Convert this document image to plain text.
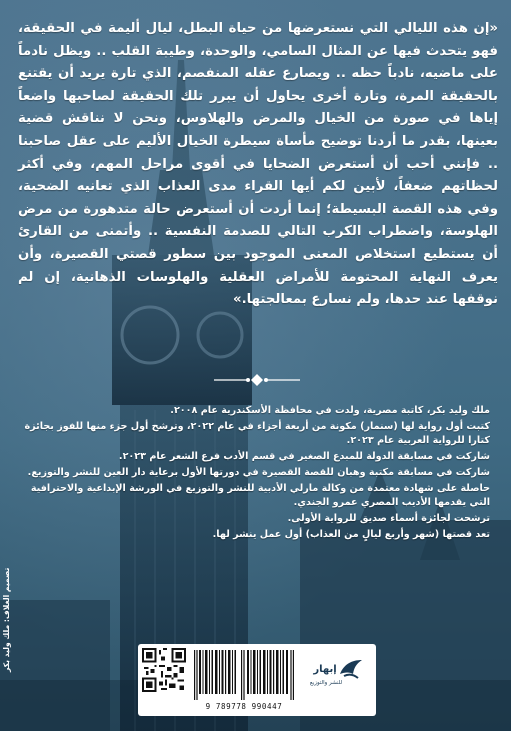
«إن هذه الليالي التي نستعرضها من حياة البطل، ليال أليمة في الحقيقة، فهو يتحدث فيها عن المثال السامي، والوحدة، وطيبة القلب .. ويظل نادماً على ماضيه، نادباً حظه .. ويصارع عقله المنفصم، الذي تارة يريد أن يقتنع بالحقيقة المرة، وتارة أخرى يحاول أن يبرر تلك الحقيقة لصاحبها واضعاً إياها في صورة من الخيال والمرض والهلاوس، ونحن لا نناقش قضية بعينها، بقدر ما أردنا توضيح مأساة سيطرة الخيال الأليم على عقل صاحبنا .. فإنني أحب أن أستعرض الضحايا في أقوى مراحل المهم، وفي أكثر لحظاتهم ضعفاً، لأبين لكم أيها القراء مدى العذاب الذي تعانيه الضحية، وفي هذه القصة البسيطة؛ إنما أردت أن أستعرض حالة متدهورة من مرض الهلوسة، واضطراب الكرب التالي للصدمة النفسية .. وأتمنى من القارئ أن يستطيع استخلاص المعنى الموجود بين سطور قصتي القصيرة، وأن يعرف النهاية المحتومة للأمراض العقلية والهلوسات الذهانية، إن لم نوقفها عند حدها، ولم نسارع بمعالجتها.»

ملك وليد بكر، كاتبة مصرية، ولدت في محافظة الأسكندرية عام ٢٠٠٨.
كتبت أول رواية لها (سنمار) مكونة من أربعة أجزاء في عام ٢٠٢٢، وترشح أول جزء منها للفوز بجائزة كتارا للرواية العربية عام ٢٠٢٣.
شاركت في مسابقة الدولة للمبدع الصغير في قسم الأدب فرع الشعر عام ٢٠٢٣.
شاركت في مسابقة مكتبة وهبان للقصة القصيرة في دورتها الأول برعاية دار العين للنشر والتوزيع.
حاصلة على شهادة معتمدة من وكالة مارلي الأدبية للنشر والتوزيع في الورشة الإبداعية والاحترافية التي يقدمها الأديب المصري عمرو الجندي.
ترشحت لجائزة أسماء صديق للرواية الأولى.
تعد قصتها (شهر وأربع ليالٍ من العذاب) أول عمل ينشر لها.
تصميم الغلاف: ملك وليد بكر
9 789778 990447
إبهار
للنشر والتوزيع
